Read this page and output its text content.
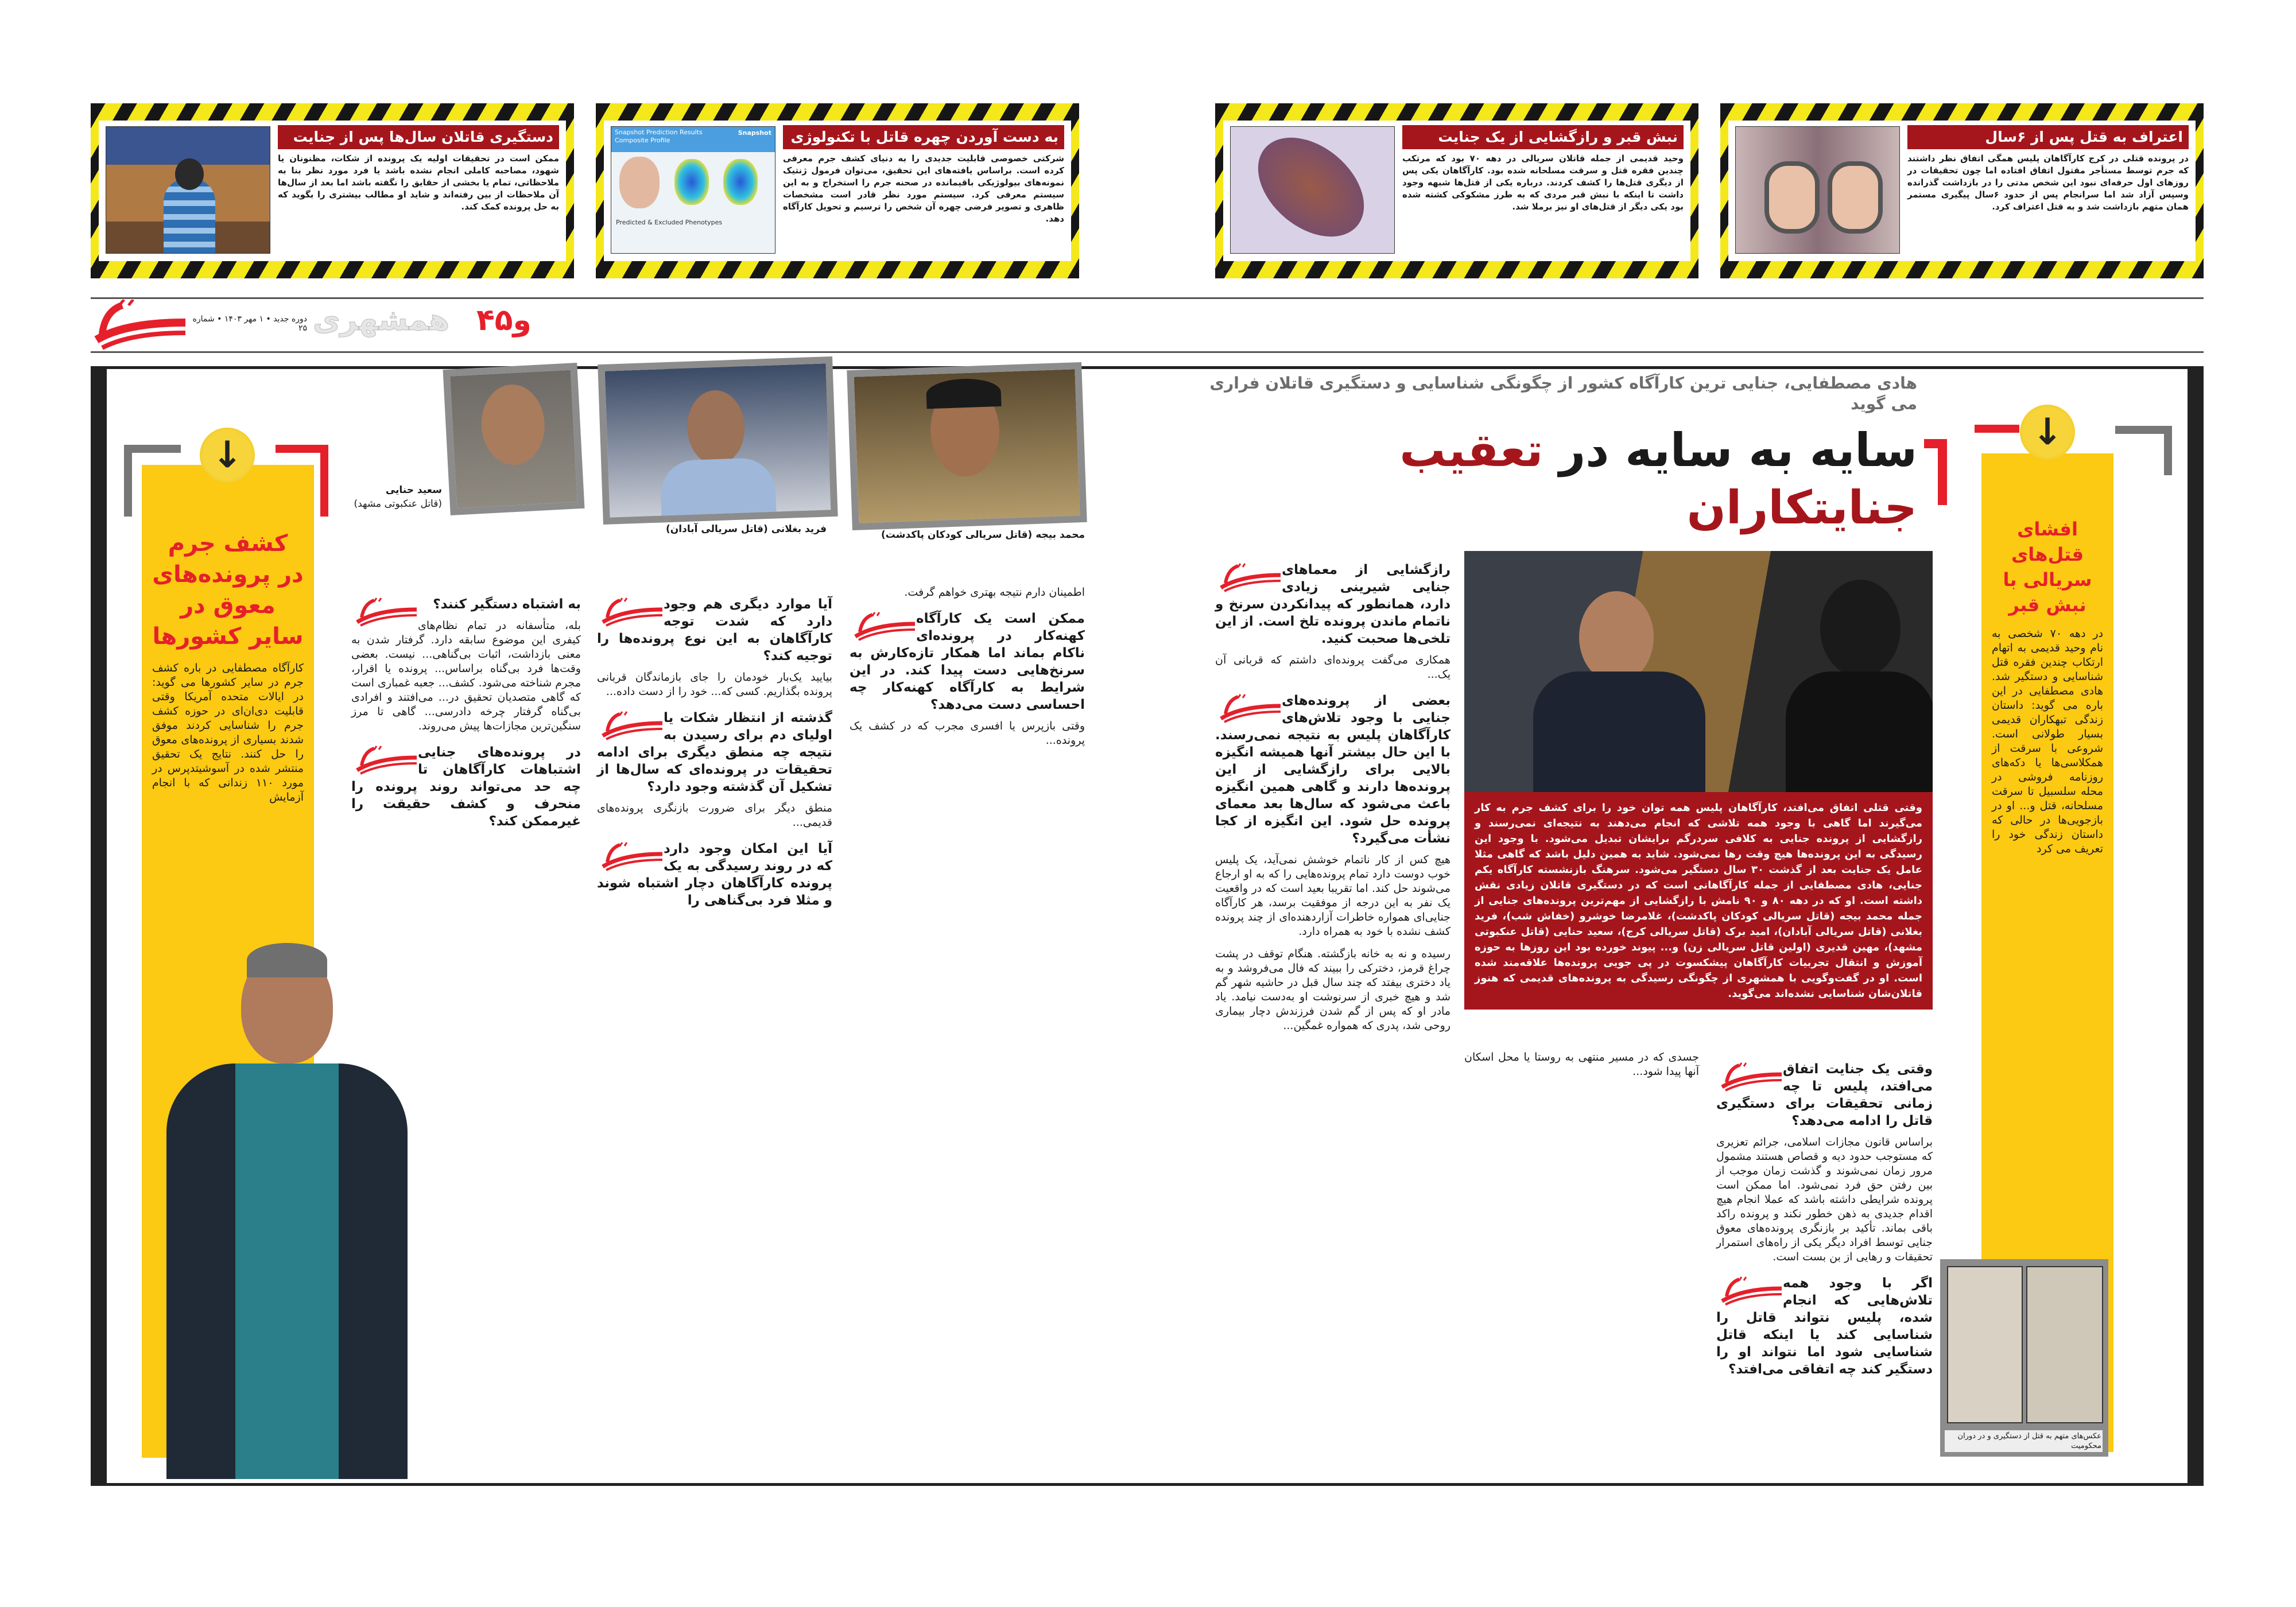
اعتراف به قتل پس از ۶سال
در پرونده قتلی در کرج کارآگاهان پلیس همگی اتفاق نظر داشتند که جرم توسط مستأجر مقتول اتفاق افتاده اما چون تحقیقات در روزهای اول حرفه‌ای نبود این شخص مدتی را در بازداشت گذرانده وسپس آزاد شد اما سرانجام پس از حدود ۶سال پیگیری مستمر همان متهم بازداشت شد و به قتل اعتراف کرد.
نبش قبر و رازگشایی از یک جنایت
وحید قدیمی از جمله قاتلان سریالی در دهه ۷۰ بود که مرتکب چندین فقره قتل و سرقت مسلحانه شده بود. کارآگاهان یکی پس از دیگری قتل‌ها را کشف کردند. درباره یکی از قتل‌ها شبهه وجود داشت تا اینکه با نبش قبر مردی که به طرز مشکوکی کشته شده بود یکی دیگر از قتل‌های او نیز برملا شد.
Snapshot Prediction Results
Composite Profile
Snapshot
Predicted & Excluded Phenotypes
به دست آوردن چهره قاتل با تکنولوژی
شرکتی خصوصی قابلیت جدیدی را به دنیای کشف جرم معرفی کرده است. براساس یافته‌های این تحقیق، می‌توان فرمول ژنتیک نمونه‌های بیولوژیکی باقیمانده در صحنه جرم را استخراج و به این سیستم معرفی کرد. سیستم مورد نظر قادر است مشخصات ظاهری و تصویر فرضی چهره آن شخص را ترسیم و تحویل کارآگاه دهد.
دستگیری قاتلان سال‌ها پس از جنایت
ممکن است در تحقیقات اولیه یک پرونده از شکات، مظنونان یا شهود، مصاحبه کاملی انجام نشده باشد یا فرد مورد نظر بنا به ملاحظاتی، تمام یا بخشی از حقایق را نگفته باشد اما بعد از سال‌ها آن ملاحظات از بین رفته‌اند و شاید او مطالب بیشتری را بگوید که به حل پرونده کمک کند.
دوره جدید • ۱ مهر ۱۴۰۳ • شماره ۲۵ همشهری ۴و۵
هادی مصطفایی، جنایی ترین کارآگاه کشور از چگونگی شناسایی و دستگیری قاتلان فراری می گوید
سایه به سایه در تعقیب جنایتکاران
وقتی قتلی اتفاق می‌افتد، کارآگاهان پلیس همه توان خود را برای کشف جرم به کار می‌گیرند اما گاهی با وجود همه تلاشی که انجام می‌دهند به نتیجه‌ای نمی‌رسند و رازگشایی از پرونده جنایی به کلافی سردرگم برایشان تبدیل می‌شود. با وجود این رسیدگی به این پرونده‌ها هیچ وقت رها نمی‌شود. شاید به همین دلیل باشد که گاهی مثلا عامل یک جنایت بعد از گذشت ۳۰ سال دستگیر می‌شود. سرهنگ بازنشسته کارآگاه یکم جنایی، هادی مصطفایی از جمله کارآگاهانی است که در دستگیری قاتلان زیادی نقش داشته است. او که در دهه ۸۰ و ۹۰ نامش با رازگشایی از مهم‌ترین پرونده‌های جنایی از جمله محمد بیجه (قاتل سریالی کودکان پاکدشت)، غلامرضا خوشرو (خفاش شب)، فرید بغلانی (قاتل سریالی آبادان)، امید برک (قاتل سریالی کرج)، سعید حنایی (قاتل عنکبوتی مشهد)، مهین قدیری (اولین قاتل سریالی زن) و... پیوند خورده بود این روزها به حوزه آموزش و انتقال تجربیات کارآگاهان پیشکسوت در پی جویی پرونده‌ها علاقه‌مند شده است. او در گفت‌وگویی با همشهری از چگونگی رسیدگی به پرونده‌های قدیمی که هنوز قاتلان‌شان شناسایی نشده‌اند می‌گوید.
افشای قتل‌های سریالی با نبش قبر
در دهه ۷۰ شخصی به نام وحید قدیمی به اتهام ارتکاب چندین فقره قتل شناسایی و دستگیر شد. هادی مصطفایی در این باره می گوید: داستان زندگی تبهکاران قدیمی بسیار طولانی است. شروعی با سرقت از همکلاسی‌ها یا دکه‌های روزنامه فروشی در محله سلسبیل تا سرقت مسلحانه، قتل و... او در بازجویی‌ها در حالی که داستان زندگی خود را تعریف می کرد
↓
عکس‌های متهم به قتل از دستگیری و در دوران محکومیت
کشف جرم در پرونده‌های معوق در سایر کشورها
کارآگاه مصطفایی در باره کشف جرم در سایر کشورها می گوید: در ایالات متحده آمریکا وقتی قابلیت دی‌ان‌ای در حوزه کشف جرم را شناسایی کردند موفق شدند بسیاری از پرونده‌های معوق را حل کنند. نتایج یک تحقیق منتشر شده در آسوشیتدپرس در مورد ۱۱۰ زندانی که با انجام آزمایش
↓
سعید حنایی
(قاتل عنکبوتی مشهد)
فرید بغلانی (قاتل سریالی آبادان)	محمد بیجه (قاتل سریالی کودکان پاکدشت)
وقتی یک جنایت اتفاق می‌افتد، پلیس تا چه زمانی تحقیقات برای دستگیری قاتل را ادامه می‌دهد؟
براساس قانون مجازات اسلامی، جرائم تعزیری که مستوجب حدود دیه و قصاص هستند مشمول مرور زمان نمی‌شوند و گذشت زمان موجب از بین رفتن حق فرد نمی‌شود. اما ممکن است پرونده شرایطی داشته باشد که عملا انجام هیچ اقدام جدیدی به ذهن خطور نکند و پرونده راکد باقی بماند. تأکید بر بازنگری پرونده‌های معوق جنایی توسط افراد دیگر یکی از راه‌های استمرار تحقیقات و رهایی از بن بست است.
اگر با وجود همه تلاش‌هایی که انجام شده، پلیس نتواند قاتل را شناسایی کند یا اینکه قاتل شناسایی شود اما نتواند او را دستگیر کند چه اتفاقی می‌افتد؟
جسدی که در مسیر منتهی به روستا یا محل اسکان آنها پیدا شود...
رازگشایی از معماهای جنایی شیرینی زیادی دارد، همانطور که پیدانکردن سرنخ و ناتمام ماندن پرونده تلخ است. از این تلخی‌ها صحبت کنید.
همکاری می‌گفت پرونده‌ای داشتم که قربانی آن یک...
بعضی از پرونده‌های جنایی با وجود تلاش‌های کارآگاهان پلیس به نتیجه نمی‌رسند. با این حال بیشتر آنها همیشه انگیزه بالایی برای رازگشایی از این پرونده‌ها دارند و گاهی همین انگیزه باعث می‌شود که سال‌ها بعد معمای پرونده حل شود. این انگیزه از کجا نشأت می‌گیرد؟
هیچ کس از کار ناتمام خوشش نمی‌آید، یک پلیس خوب دوست دارد تمام پرونده‌هایی را که به او ارجاع می‌شوند حل کند. اما تقریبا بعید است که در واقعیت یک نفر به این درجه از موفقیت برسد، هر کارآگاه جنایی‌ای همواره خاطرات آزاردهنده‌ای از چند پرونده کشف نشده با خود به همراه دارد.
رسیده و نه به خانه بازگشته. هنگام توقف در پشت چراغ قرمز، دخترکی را ببیند که فال می‌فروشد و به یاد دختری بیفتد که چند سال قبل در حاشیه شهر گم شد و هیچ خبری از سرنوشت او به‌دست نیامد. یاد مادر او که پس از گم شدن فرزندش دچار بیماری روحی شد، پدری که همواره غمگین...
اطمینان دارم نتیجه بهتری خواهم گرفت.
ممکن است یک کارآگاه کهنه‌کار در پرونده‌ای ناکام بماند اما همکار تازه‌کارش به سرنخ‌هایی دست پیدا کند. در این شرایط به کارآگاه کهنه‌کار چه احساسی دست می‌دهد؟
وقتی بازپرس یا افسری مجرب که در کشف یک پرونده...
آیا موارد دیگری هم وجود دارد که شدت توجه کارآگاهان به این نوع پرونده‌ها را توجیه کند؟
بیایید یک‌بار خودمان را جای بازماندگان قربانی پرونده بگذاریم. کسی که... خود را از دست داده...
گذشته از انتظار شکات یا اولیای دم برای رسیدن به نتیجه چه منطق دیگری برای ادامه تحقیقات در پرونده‌ای که سال‌ها از تشکیل آن گذشته وجود دارد؟
منطق دیگر برای ضرورت بازنگری پرونده‌های قدیمی...
آیا این امکان وجود دارد که در روند رسیدگی به یک پرونده کارآگاهان دچار اشتباه شوند و مثلا فرد بی‌گناهی را
به اشتباه دستگیر کنند؟
بله، متأسفانه در تمام نظام‌های کیفری این موضوع سابقه دارد. گرفتار شدن به معنی بازداشت، اثبات بی‌گناهی... نیست. بعضی وقت‌ها فرد بی‌گناه براساس... پرونده یا اقرار، مجرم شناخته می‌شود. کشف... جعبه غمباری است که گاهی متصدیان تحقیق در... می‌افتند و افرادی بی‌گناه گرفتار چرخه دادرسی... گاهی تا مرز سنگین‌ترین مجازات‌ها پیش می‌روند.
در پرونده‌های جنایی اشتباهات کارآگاهان تا چه حد می‌تواند روند پرونده را منحرف و کشف حقیقت را غیرممکن کند؟
